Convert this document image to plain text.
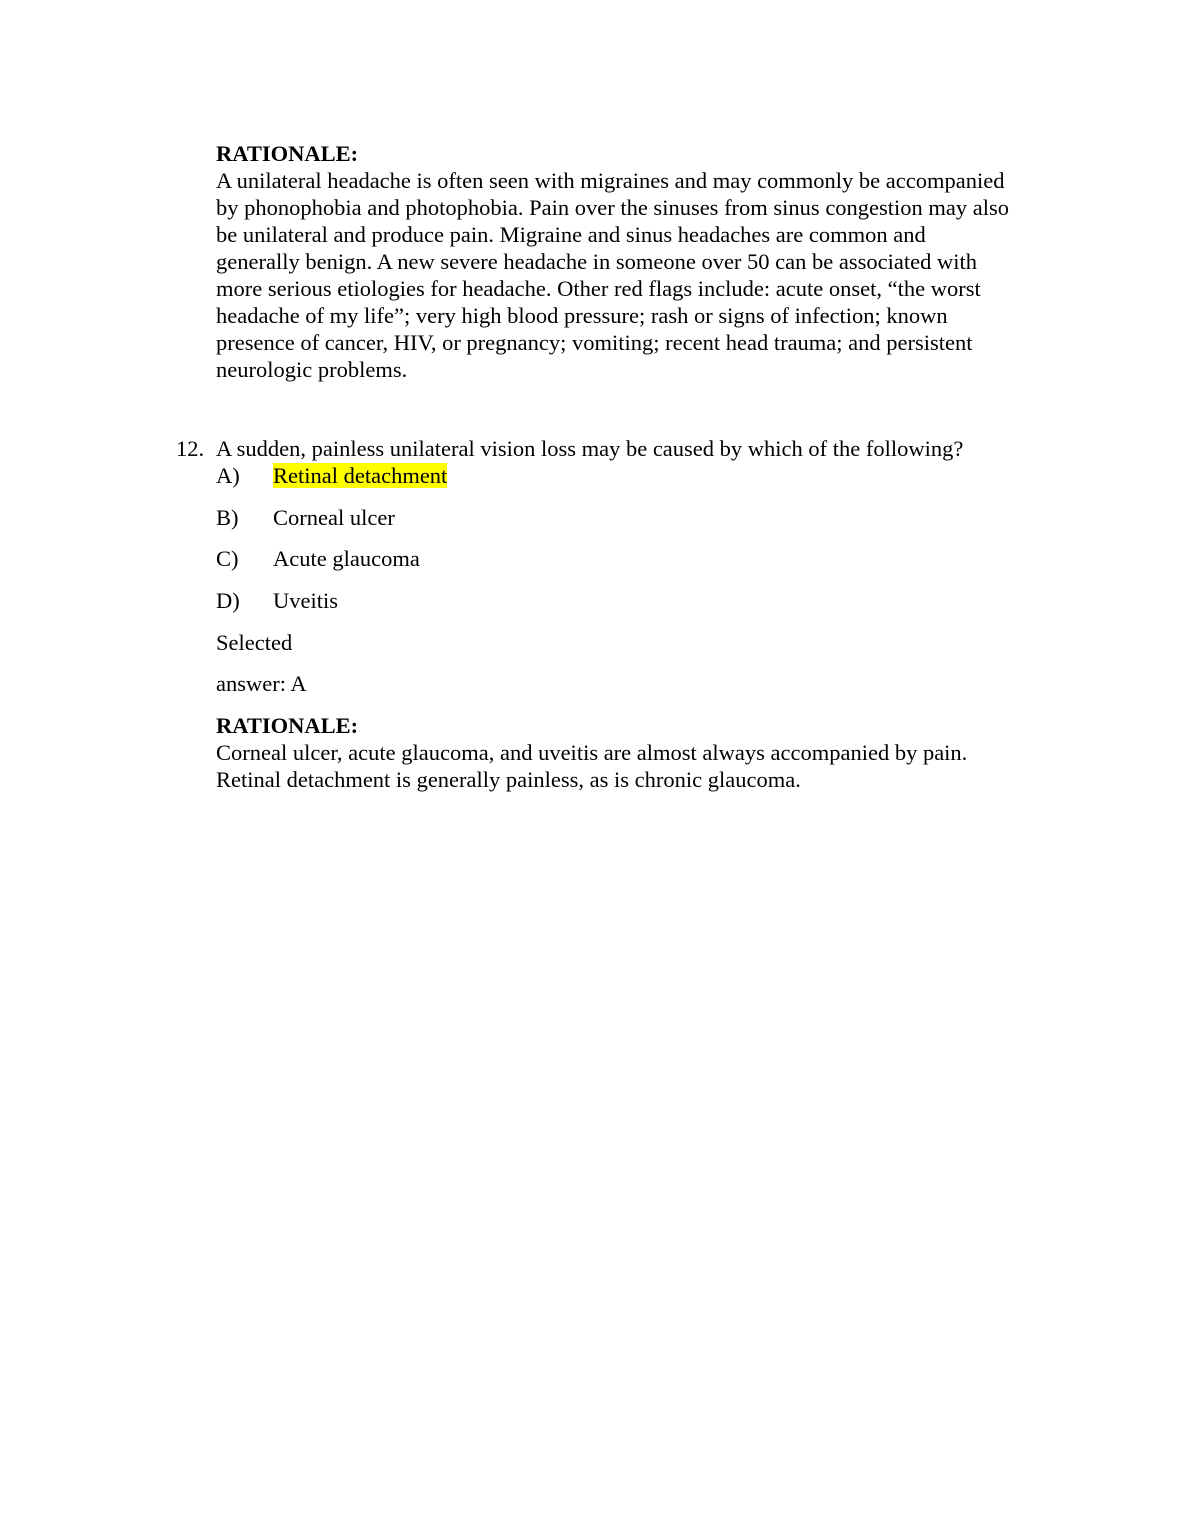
RATIONALE:
A unilateral headache is often seen with migraines and may commonly be accompanied
by phonophobia and photophobia. Pain over the sinuses from sinus congestion may also
be unilateral and produce pain. Migraine and sinus headaches are common and
generally benign. A new severe headache in someone over 50 can be associated with
more serious etiologies for headache. Other red flags include: acute onset, “the worst
headache of my life”; very high blood pressure; rash or signs of infection; known
presence of cancer, HIV, or pregnancy; vomiting; recent head trauma; and persistent
neurologic problems.
12. A sudden, painless unilateral vision loss may be caused by which of the following?
A) Retinal detachment
B) Corneal ulcer
C) Acute glaucoma
D) Uveitis
Selected
answer: A
RATIONALE:
Corneal ulcer, acute glaucoma, and uveitis are almost always accompanied by pain.
Retinal detachment is generally painless, as is chronic glaucoma.
